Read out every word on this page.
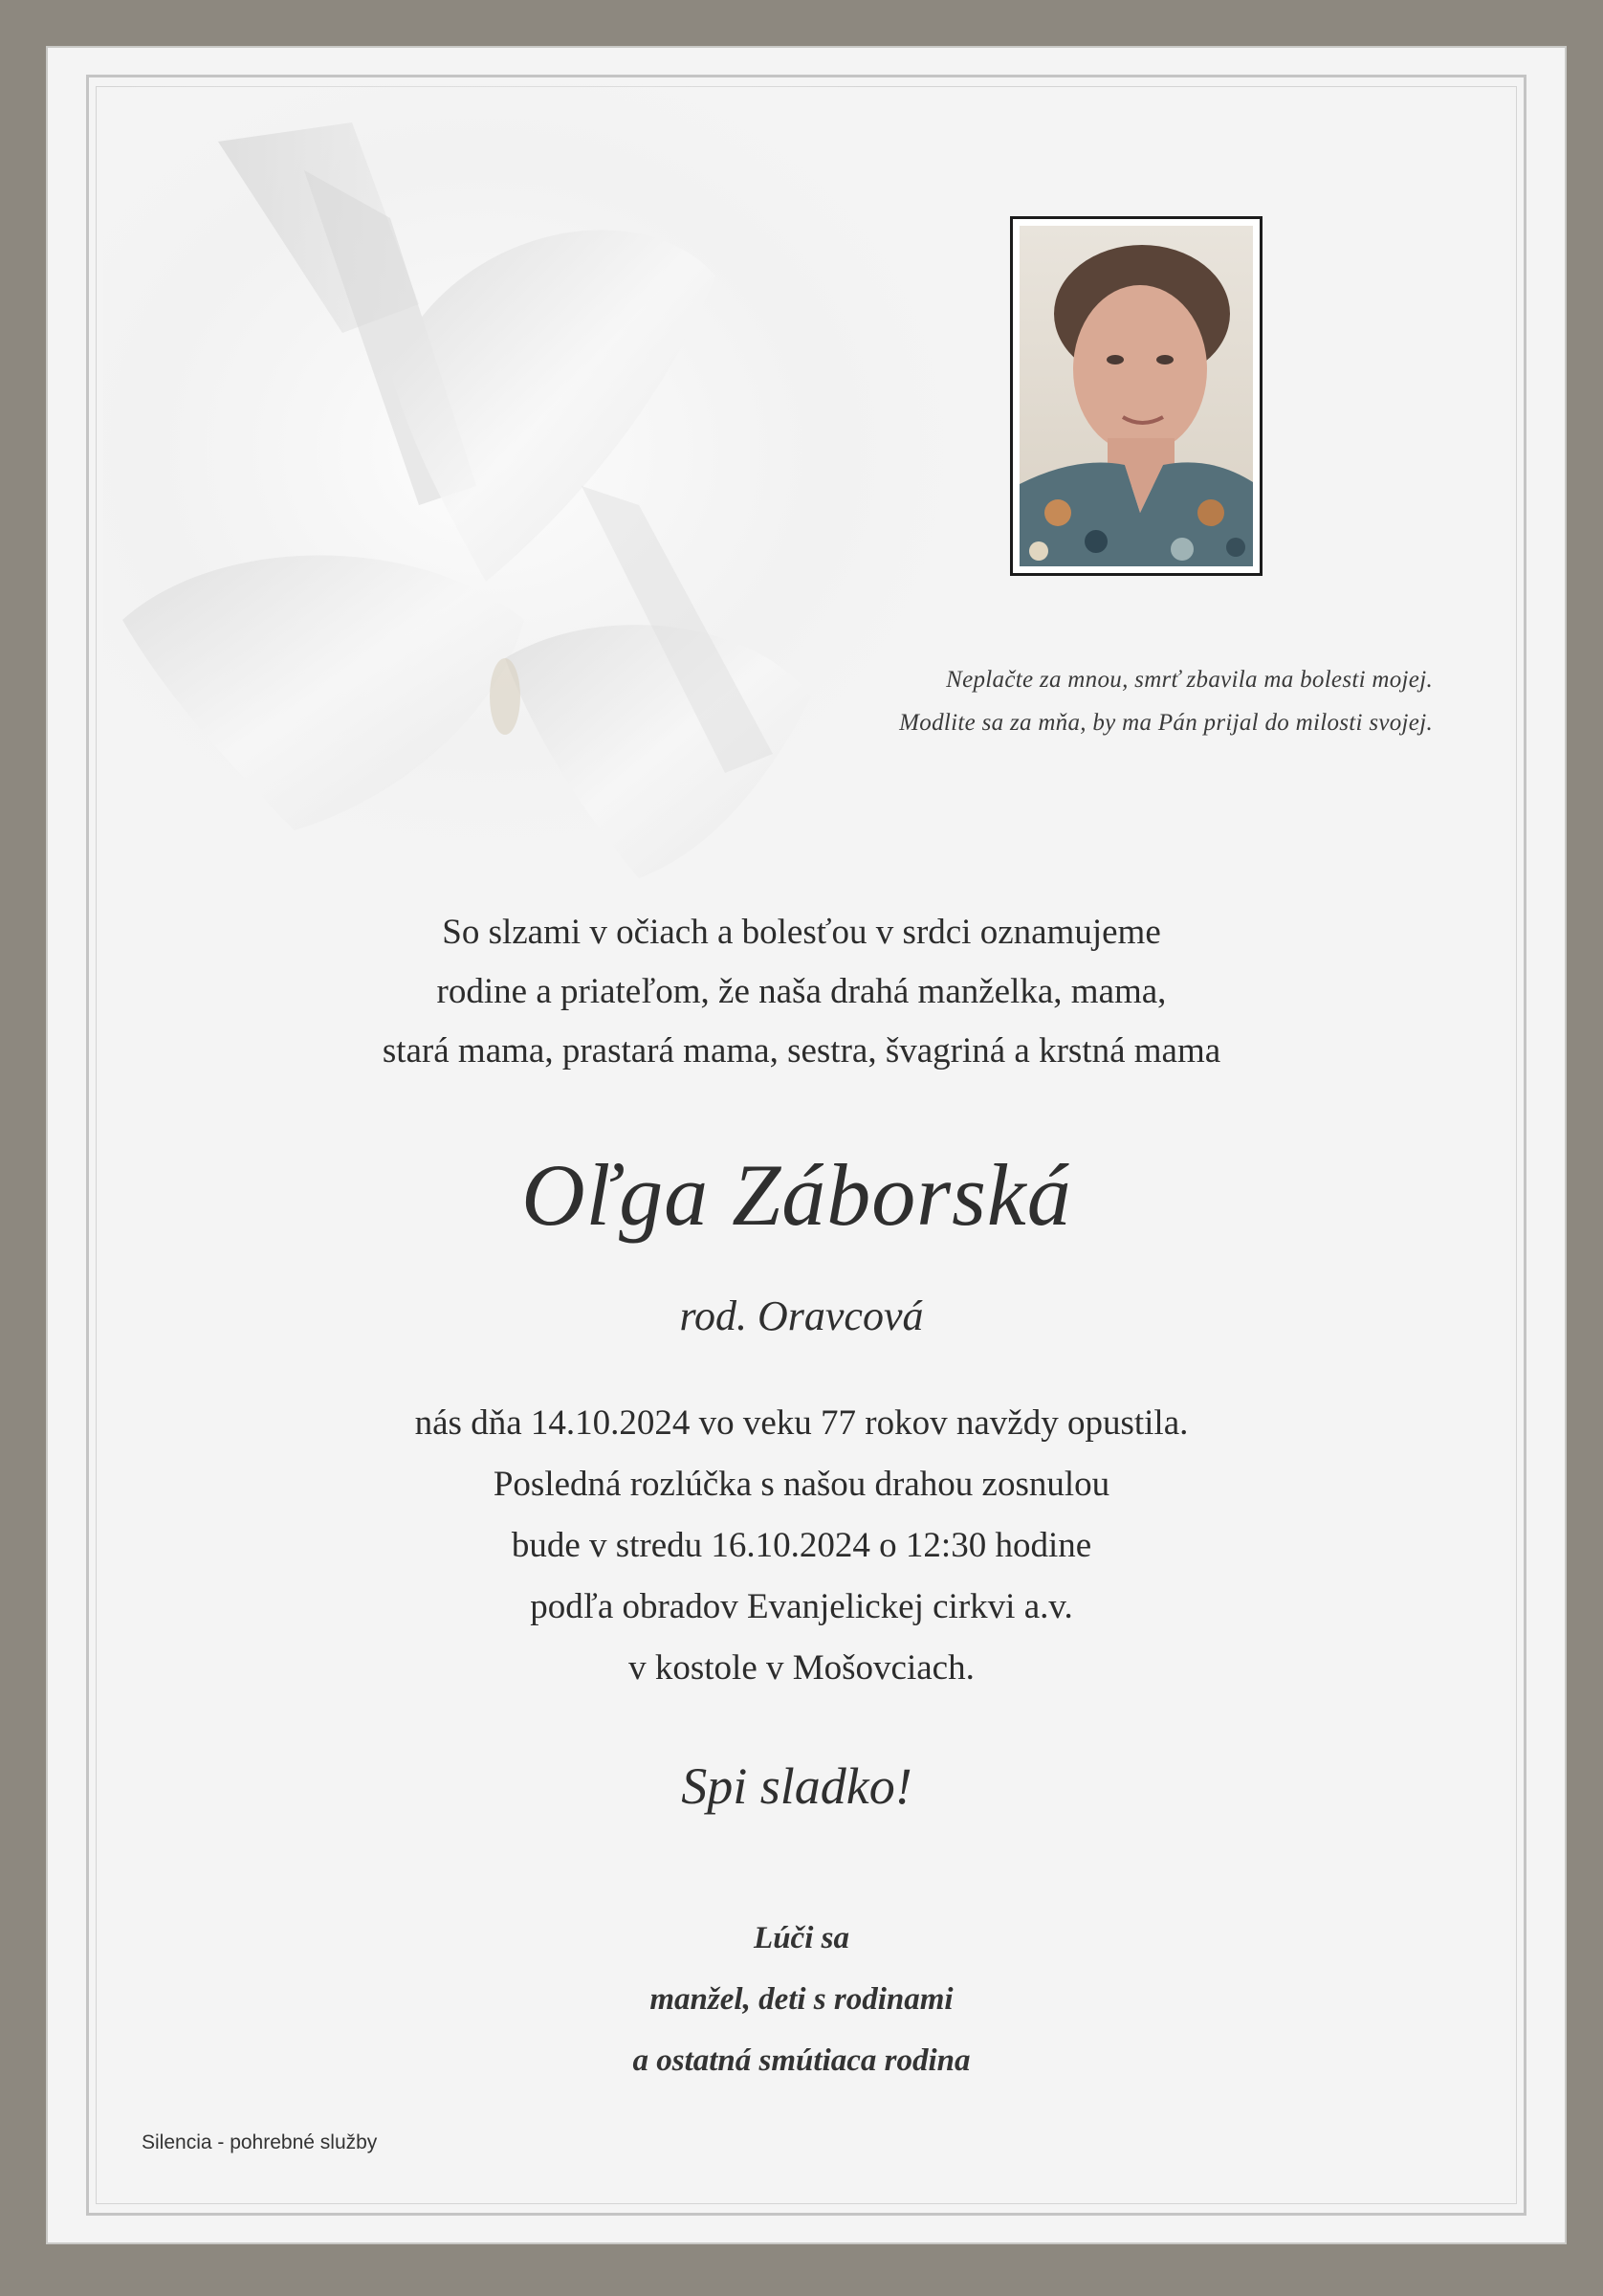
Neplačte za mnou, smrť zbavila ma bolesti mojej.
Modlite sa za mňa, by ma Pán prijal do milosti svojej.
So slzami v očiach a bolesťou v srdci oznamujeme
rodine a priateľom, že naša drahá manželka, mama,
stará mama, prastará mama, sestra, švagriná a krstná mama
Oľga Záborská
rod. Oravcová
nás dňa 14.10.2024 vo veku 77 rokov navždy opustila.
Posledná rozlúčka s našou drahou zosnulou
bude v stredu 16.10.2024 o 12:30 hodine
podľa obradov Evanjelickej cirkvi a.v.
v kostole v Mošovciach.
Spi sladko!
Lúči sa
manžel, deti s rodinami
a ostatná smútiaca rodina
Silencia - pohrebné služby
